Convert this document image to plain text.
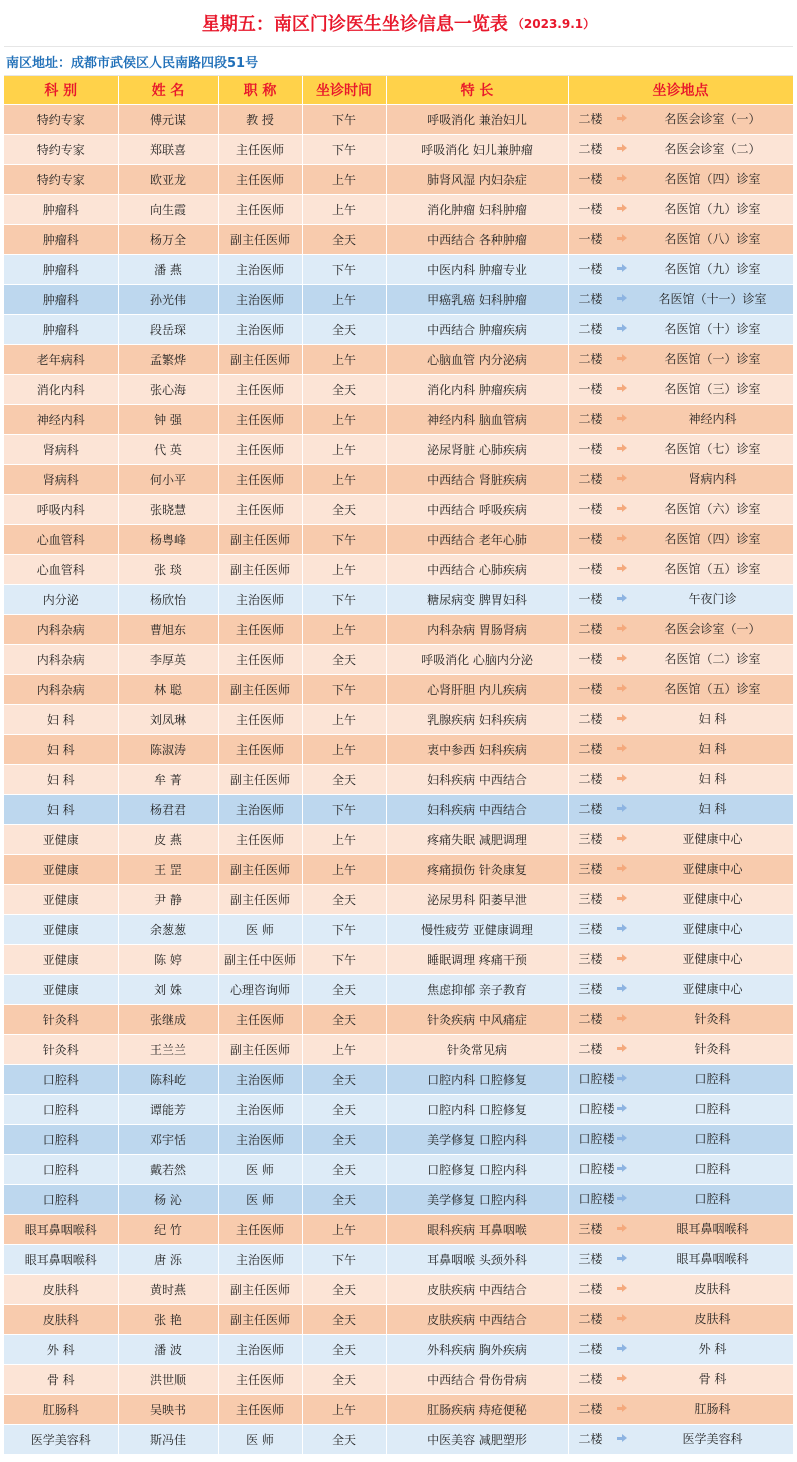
星期五：南区门诊医生坐诊信息一览表 （2023.9.1）
南区地址：成都市武侯区人民南路四段51号
科 别	姓 名	职 称	坐诊时间	特 长	坐诊地点
特约专家	傅元谋	教 授	下午	呼吸消化 兼治妇儿	二楼 名医会诊室（一）

特约专家	郑联喜	主任医师	下午	呼吸消化 妇儿兼肿瘤	二楼 名医会诊室（二）

特约专家	欧亚龙	主任医师	上午	肺肾风湿 内妇杂症	一楼 名医馆（四）诊室

肿瘤科	向生霞	主任医师	上午	消化肿瘤 妇科肿瘤	一楼 名医馆（九）诊室

肿瘤科	杨万全	副主任医师	全天	中西结合 各种肿瘤	一楼 名医馆（八）诊室

肿瘤科	潘 燕	主治医师	下午	中医内科 肿瘤专业	一楼 名医馆（九）诊室

肿瘤科	孙光伟	主治医师	上午	甲癌乳癌 妇科肿瘤	二楼 名医馆（十一）诊室

肿瘤科	段岳琛	主治医师	全天	中西结合 肿瘤疾病	二楼 名医馆（十）诊室

老年病科	孟繁烨	副主任医师	上午	心脑血管 内分泌病	二楼 名医馆（一）诊室

消化内科	张心海	主任医师	全天	消化内科 肿瘤疾病	一楼 名医馆（三）诊室

神经内科	钟 强	主任医师	上午	神经内科 脑血管病	二楼 神经内科

肾病科	代 英	主任医师	上午	泌尿肾脏 心肺疾病	一楼 名医馆（七）诊室

肾病科	何小平	主任医师	上午	中西结合 肾脏疾病	二楼 肾病内科

呼吸内科	张晓慧	主任医师	全天	中西结合 呼吸疾病	一楼 名医馆（六）诊室

心血管科	杨粤峰	副主任医师	下午	中西结合 老年心肺	一楼 名医馆（四）诊室

心血管科	张 琰	副主任医师	上午	中西结合 心肺疾病	一楼 名医馆（五）诊室

内分泌	杨欣怡	主治医师	下午	糖尿病变 脾胃妇科	一楼 午夜门诊

内科杂病	曹旭东	主任医师	上午	内科杂病 胃肠肾病	二楼 名医会诊室（一）

内科杂病	李厚英	主任医师	全天	呼吸消化 心脑内分泌	一楼 名医馆（二）诊室

内科杂病	林 聪	副主任医师	下午	心肾肝胆 内儿疾病	一楼 名医馆（五）诊室

妇 科	刘凤琳	主任医师	上午	乳腺疾病 妇科疾病	二楼 妇 科

妇 科	陈淑涛	主任医师	上午	衷中参西 妇科疾病	二楼 妇 科

妇 科	牟 菁	副主任医师	全天	妇科疾病 中西结合	二楼 妇 科

妇 科	杨君君	主治医师	下午	妇科疾病 中西结合	二楼 妇 科

亚健康	皮 燕	主任医师	上午	疼痛失眠 减肥调理	三楼 亚健康中心

亚健康	王 罡	副主任医师	上午	疼痛损伤 针灸康复	三楼 亚健康中心

亚健康	尹 静	副主任医师	全天	泌尿男科 阳萎早泄	三楼 亚健康中心

亚健康	余葱葱	医 师	下午	慢性疲劳 亚健康调理	三楼 亚健康中心

亚健康	陈 婷	副主任中医师	下午	睡眠调理 疼痛干预	三楼 亚健康中心

亚健康	刘 姝	心理咨询师	全天	焦虑抑郁 亲子教育	三楼 亚健康中心

针灸科	张继成	主任医师	全天	针灸疾病 中风痛症	二楼 针灸科

针灸科	王兰兰	副主任医师	上午	针灸常见病	二楼 针灸科

口腔科	陈科屹	主治医师	全天	口腔内科 口腔修复	口腔楼 口腔科

口腔科	谭能芳	主治医师	全天	口腔内科 口腔修复	口腔楼 口腔科

口腔科	邓宇恬	主治医师	全天	美学修复 口腔内科	口腔楼 口腔科

口腔科	戴若然	医 师	全天	口腔修复 口腔内科	口腔楼 口腔科

口腔科	杨 沁	医 师	全天	美学修复 口腔内科	口腔楼 口腔科

眼耳鼻咽喉科	纪 竹	主任医师	上午	眼科疾病 耳鼻咽喉	三楼 眼耳鼻咽喉科

眼耳鼻咽喉科	唐 泺	主治医师	下午	耳鼻咽喉 头颈外科	三楼 眼耳鼻咽喉科

皮肤科	黄时燕	副主任医师	全天	皮肤疾病 中西结合	二楼 皮肤科

皮肤科	张 艳	副主任医师	全天	皮肤疾病 中西结合	二楼 皮肤科

外 科	潘 波	主治医师	全天	外科疾病 胸外疾病	二楼 外 科

骨 科	洪世顺	主任医师	全天	中西结合 骨伤骨病	二楼 骨 科

肛肠科	吴映书	主任医师	上午	肛肠疾病 痔疮便秘	二楼 肛肠科

医学美容科	斯冯佳	医 师	全天	中医美容 减肥塑形	二楼 医学美容科
